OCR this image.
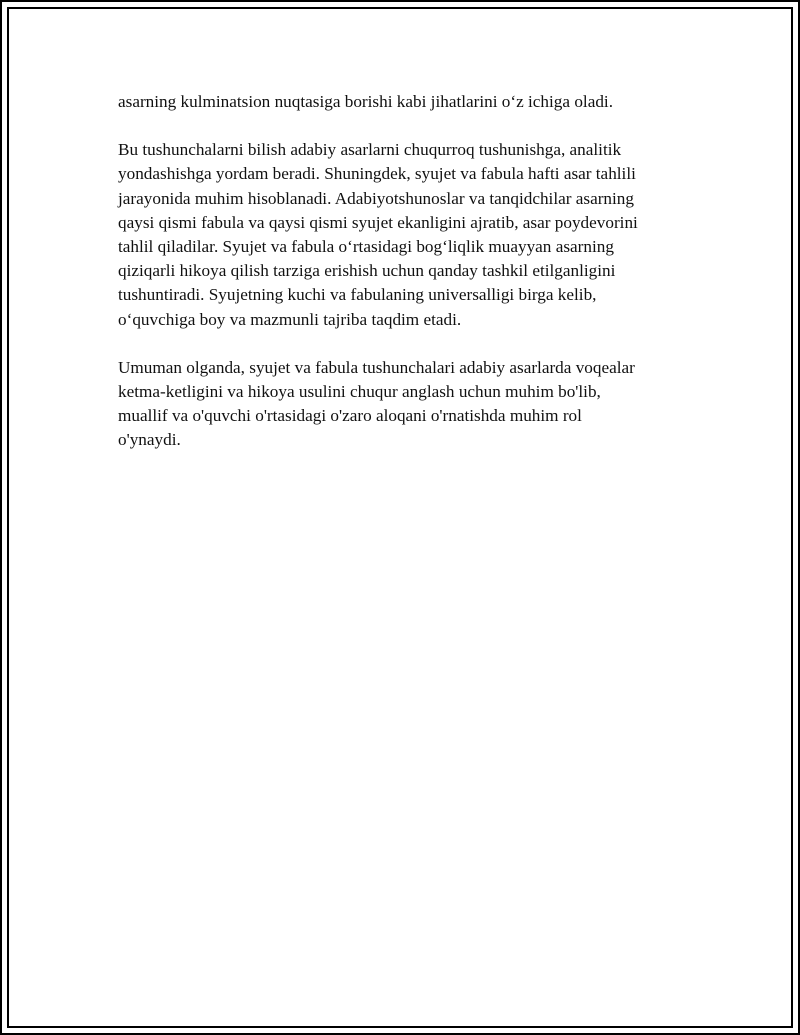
asarning kulminatsion nuqtasiga borishi kabi jihatlarini o‘z ichiga oladi.

Bu tushunchalarni bilish adabiy asarlarni chuqurroq tushunishga, analitik
yondashishga yordam beradi. Shuningdek, syujet va fabula hafti asar tahlili
jarayonida muhim hisoblanadi. Adabiyotshunoslar va tanqidchilar asarning
qaysi qismi fabula va qaysi qismi syujet ekanligini ajratib, asar poydevorini
tahlil qiladilar. Syujet va fabula o‘rtasidagi bog‘liqlik muayyan asarning
qiziqarli hikoya qilish tarziga erishish uchun qanday tashkil etilganligini
tushuntiradi. Syujetning kuchi va fabulaning universalligi birga kelib,
o‘quvchiga boy va mazmunli tajriba taqdim etadi.

Umuman olganda, syujet va fabula tushunchalari adabiy asarlarda voqealar
ketma-ketligini va hikoya usulini chuqur anglash uchun muhim bo'lib,
muallif va o'quvchi o'rtasidagi o'zaro aloqani o'rnatishda muhim rol
o'ynaydi.
